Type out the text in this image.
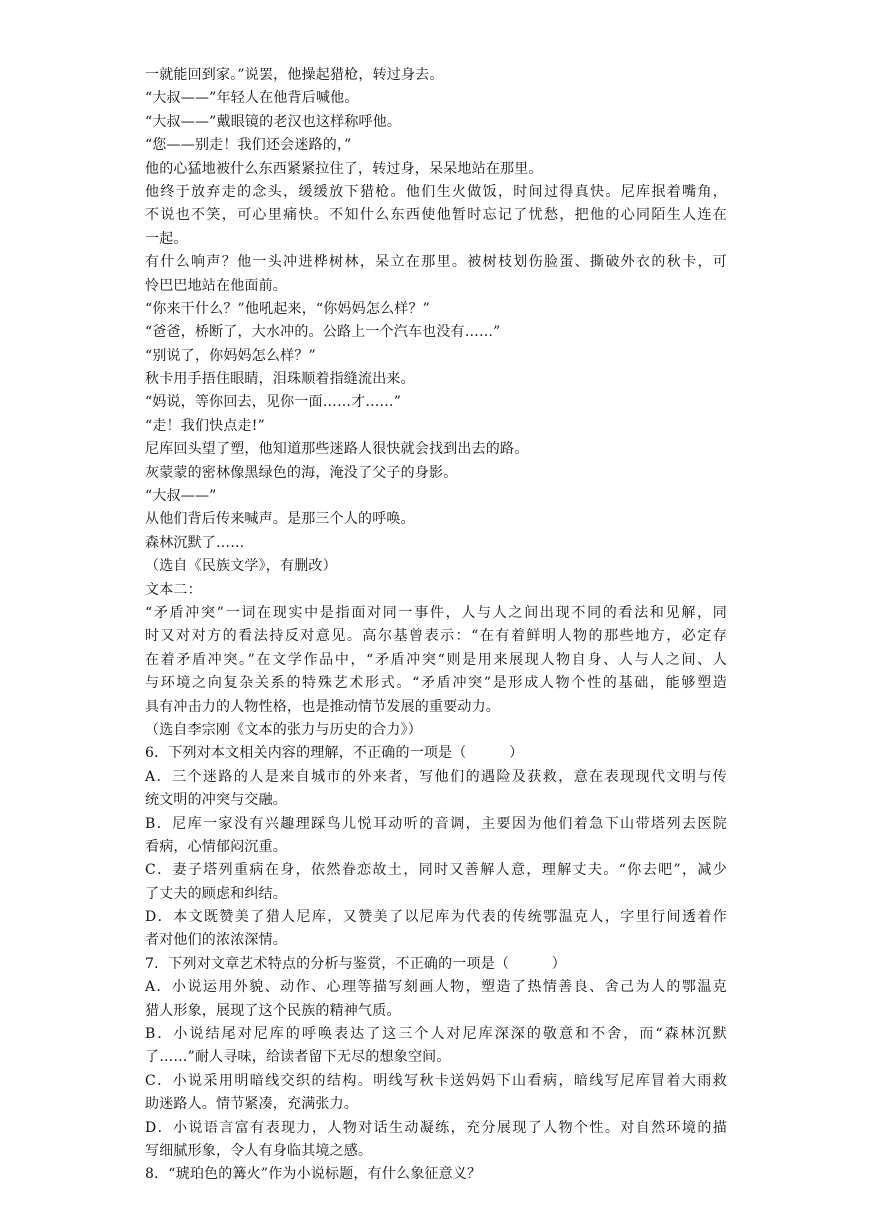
一就能回到家。”说罢，他操起猎枪，转过身去。
“大叔——”年轻人在他背后喊他。
“大叔——”戴眼镜的老汉也这样称呼他。
“您——别走！我们还会迷路的，”
他的心猛地被什么东西紧紧拉住了，转过身，呆呆地站在那里。
他终于放弃走的念头，缓缓放下猎枪。他们生火做饭，时间过得真快。尼库抿着嘴角，
不说也不笑，可心里痛快。不知什么东西使他暂时忘记了忧愁，把他的心同陌生人连在
一起。
有什么响声？他一头冲进桦树林，呆立在那里。被树枝划伤脸蛋、撕破外衣的秋卡，可
怜巴巴地站在他面前。
“你来干什么？”他吼起来，“你妈妈怎么样？”
“爸爸，桥断了，大水冲的。公路上一个汽车也没有……”
“别说了，你妈妈怎么样？”
秋卡用手捂住眼睛，泪珠顺着指缝流出来。
“妈说，等你回去，见你一面……才……”
“走！我们快点走!”
尼库回头望了塑，他知道那些迷路人很快就会找到出去的路。
灰蒙蒙的密林像黑绿色的海，淹没了父子的身影。
“大叔——”
从他们背后传来喊声。是那三个人的呼唤。
森林沉默了……
（选自《民族文学》，有删改）
文本二：
“矛盾冲突”一词在现实中是指面对同一事件，人与人之间出现不同的看法和见解，同
时又对对方的看法持反对意见。高尔基曾表示：“在有着鲜明人物的那些地方，必定存
在着矛盾冲突。”在文学作品中，“矛盾冲突“则是用来展现人物自身、人与人之间、人
与环境之向复杂关系的特殊艺术形式。“矛盾冲突”是形成人物个性的基础，能够塑造
具有冲击力的人物性格，也是推动情节发展的重要动力。
（选自李宗刚《文本的张力与历史的合力》）
6．下列对本文相关内容的理解，不正确的一项是（　　　）
A．三个迷路的人是来自城市的外来者，写他们的遇险及获救，意在表现现代文明与传
统文明的冲突与交融。
B．尼库一家没有兴趣理踩鸟儿悦耳动听的音调，主要因为他们着急下山带塔列去医院
看病，心情郁闷沉重。
C．妻子塔列重病在身，依然眷恋故土，同时又善解人意，理解丈夫。“你去吧”，减少
了丈夫的顾虑和纠结。
D．本文既赞美了猎人尼库，又赞美了以尼库为代表的传统鄂温克人，字里行间透着作
者对他们的浓浓深情。
7．下列对文章艺术特点的分析与鉴赏，不正确的一项是（　　　）
A．小说运用外貌、动作、心理等描写刻画人物，塑造了热情善良、舍己为人的鄂温克
猎人形象，展现了这个民族的精神气质。
B．小说结尾对尼库的呼唤表达了这三个人对尼库深深的敬意和不舍，而“森林沉默
了……”耐人寻味，给读者留下无尽的想象空间。
C．小说采用明暗线交织的结构。明线写秋卡送妈妈下山看病，暗线写尼库冒着大雨救
助迷路人。情节紧凑，充满张力。
D．小说语言富有表现力，人物对话生动凝练，充分展现了人物个性。对自然环境的描
写细腻形象，令人有身临其境之感。
8．“琥珀色的篝火”作为小说标题，有什么象征意义？
